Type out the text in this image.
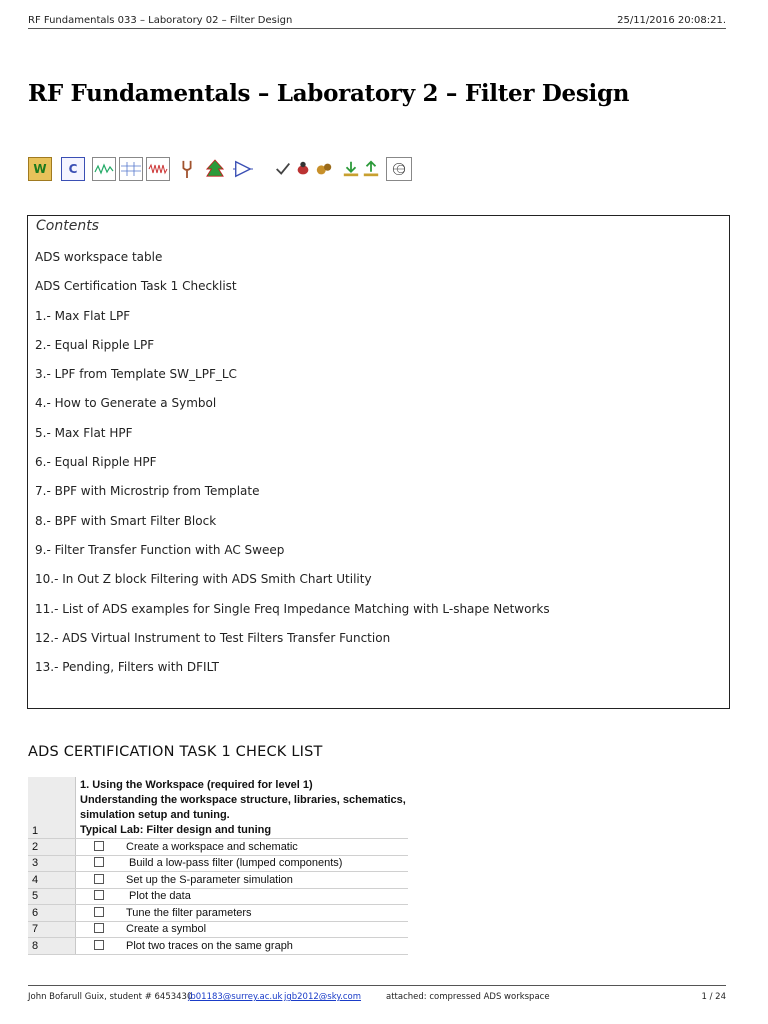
RF Fundamentals 033 – Laboratory 02 – Filter Design	25/11/2016 20:08:21.
RF Fundamentals – Laboratory 2 – Filter Design
W C
Contents
ADS workspace table
ADS Certification Task 1 Checklist
1.- Max Flat LPF
2.- Equal Ripple LPF
3.- LPF from Template SW_LPF_LC
4.- How to Generate a Symbol
5.- Max Flat HPF
6.- Equal Ripple HPF
7.- BPF with Microstrip from Template
8.- BPF with Smart Filter Block
9.- Filter Transfer Function with AC Sweep
10.- In Out Z block Filtering with ADS Smith Chart Utility
11.- List of ADS examples for Single Freq Impedance Matching with L-shape Networks
12.- ADS Virtual Instrument to Test Filters Transfer Function
13.- Pending, Filters with DFILT
ADS CERTIFICATION TASK 1 CHECK LIST
1	1. Using the Workspace (required for level 1)
Understanding the workspace structure, libraries, schematics,
simulation setup and tuning.
Typical Lab: Filter design and tuning

2	Create a workspace and schematic
3	Build a low-pass filter (lumped components)
4	Set up the S-parameter simulation
5	Plot the data
6	Tune the filter parameters
7	Create a symbol
8	Plot two traces on the same graph
John Bofarull Guix, student # 6453430
jb01183@surrey.ac.uk jgb2012@sky.com	attached: compressed ADS workspace	1 / 24
